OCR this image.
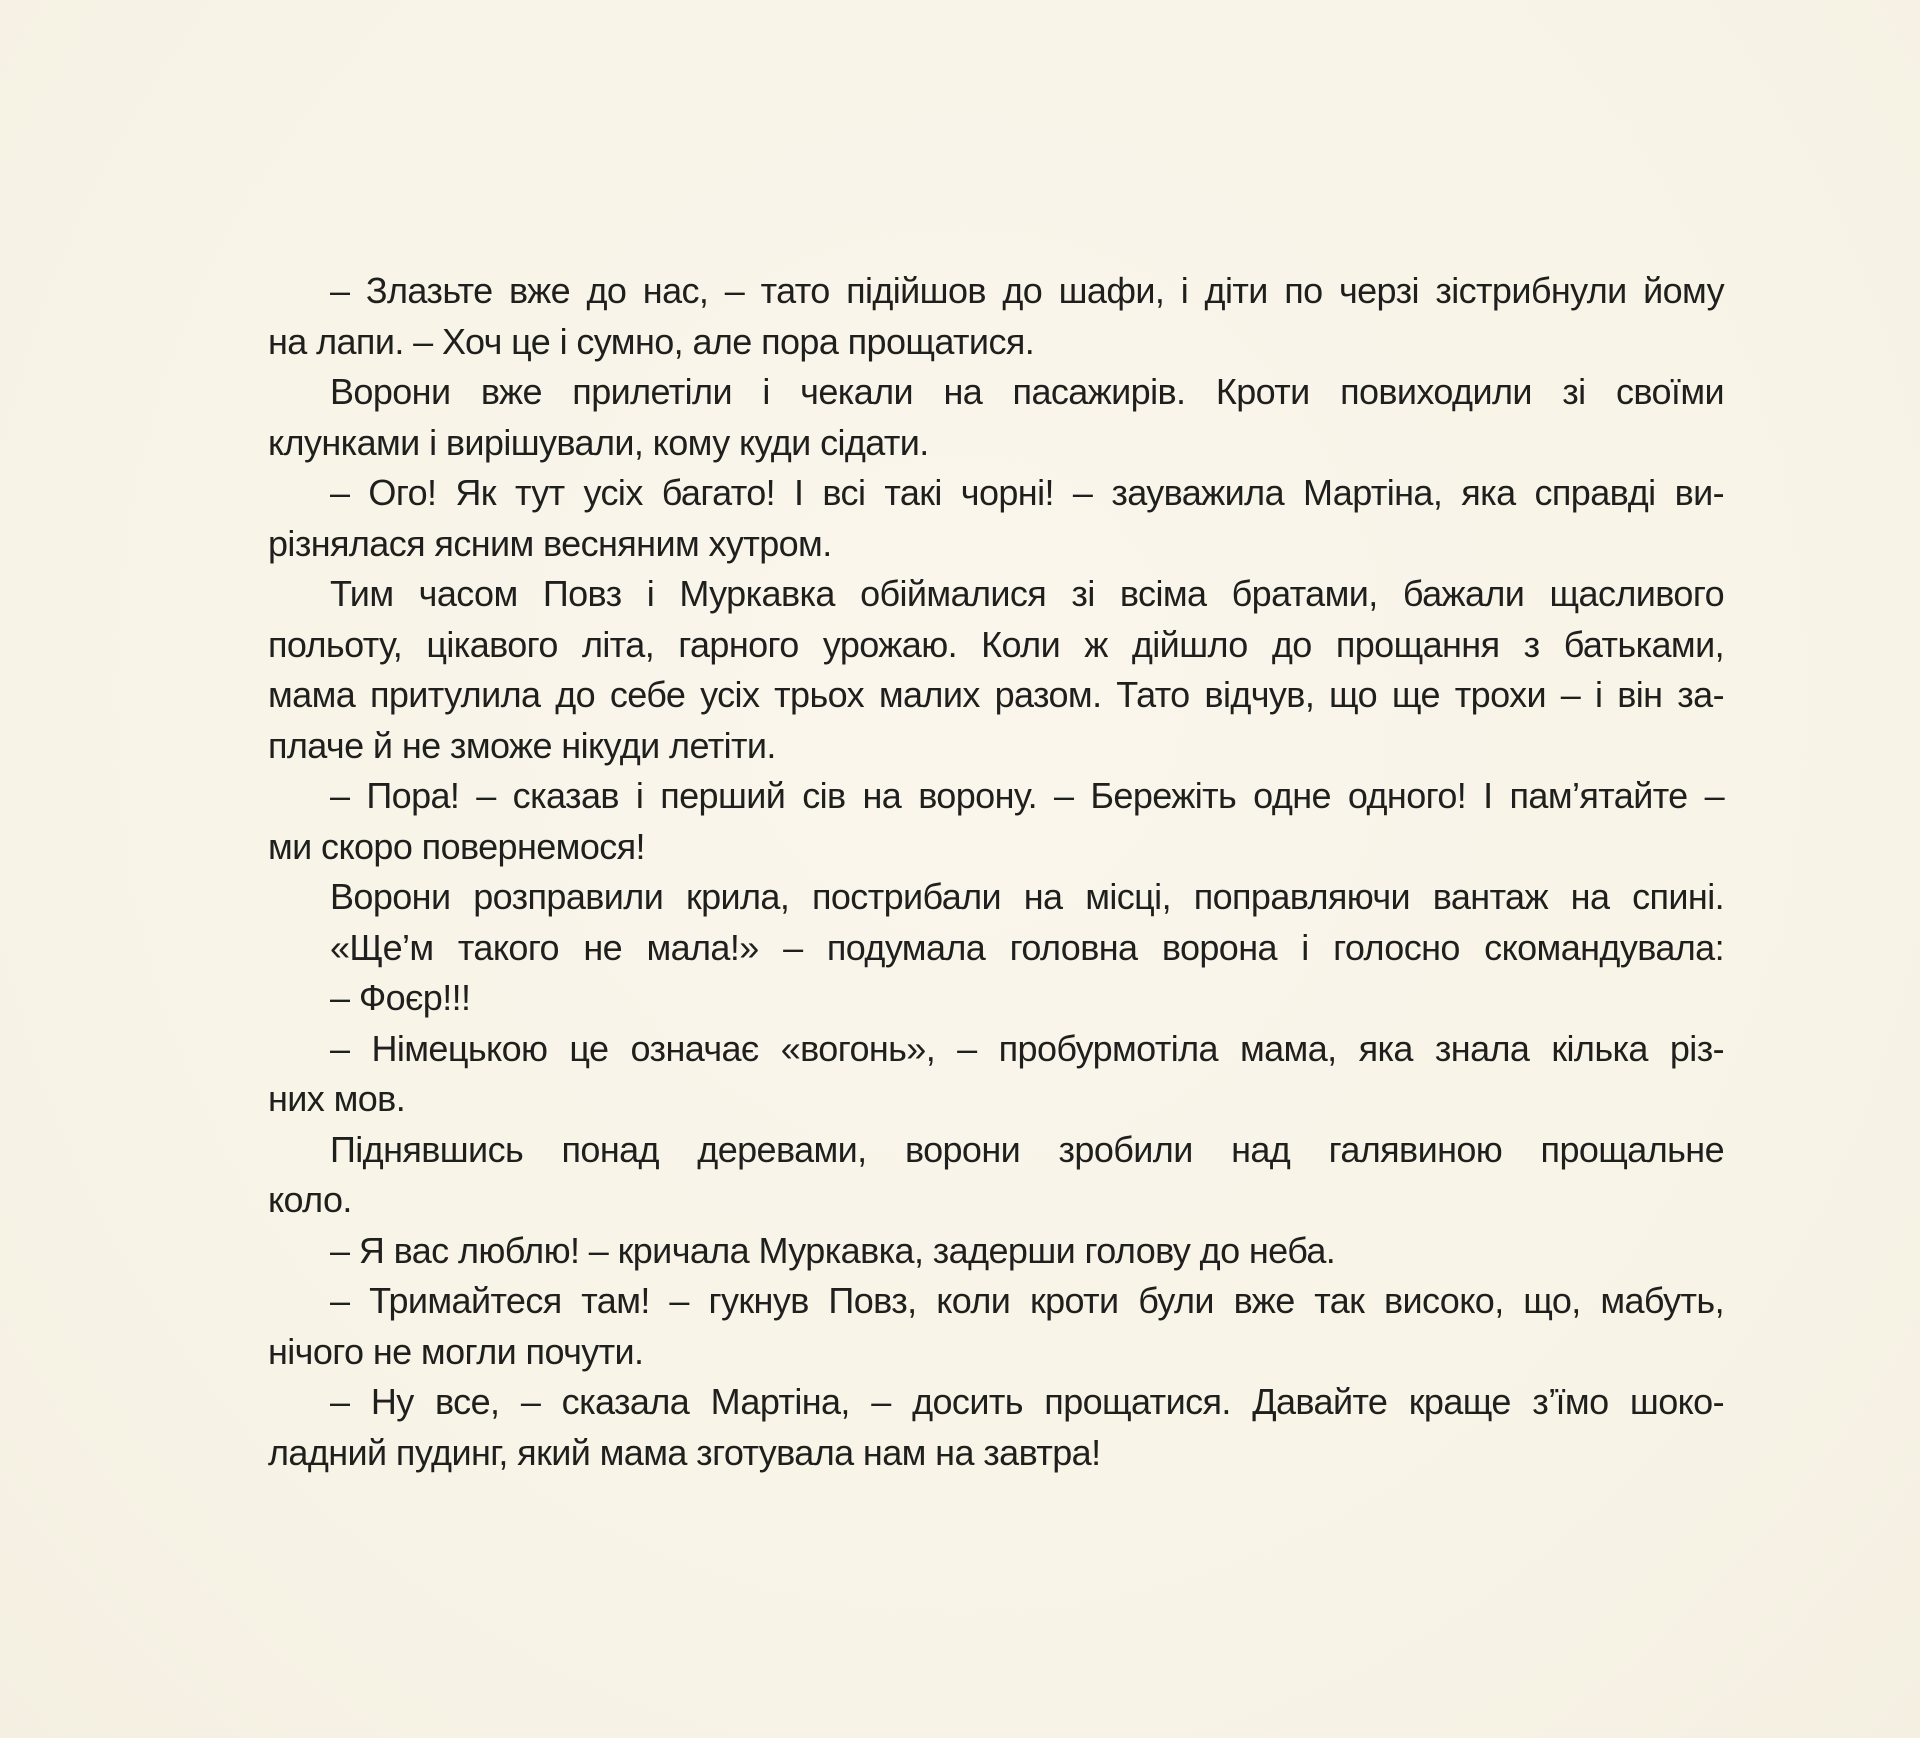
– Злазьте вже до нас, – тато підійшов до шафи, і діти по черзі зістрибнули йому
на лапи. – Хоч це і сумно, але пора прощатися.
Ворони вже прилетіли і чекали на пасажирів. Кроти повиходили зі своїми
клунками і вирішували, кому куди сідати.
– Ого! Як тут усіх багато! І всі такі чорні! – зауважила Мартіна, яка справді ви-
різнялася ясним весняним хутром.
Тим часом Повз і Муркавка обіймалися зі всіма братами, бажали щасливого
польоту, цікавого літа, гарного урожаю. Коли ж дійшло до прощання з батьками,
мама притулила до себе усіх трьох малих разом. Тато відчув, що ще трохи – і він за-
плаче й не зможе нікуди летіти.
– Пора! – сказав і перший сів на ворону. – Бережіть одне одного! І пам’ятайте –
ми скоро повернемося!
Ворони розправили крила, пострибали на місці, поправляючи вантаж на спині.
«Ще’м такого не мала!» – подумала головна ворона і голосно скомандувала:
– Фоєр!!!
– Німецькою це означає «вогонь», – пробурмотіла мама, яка знала кілька різ-
них мов.
Піднявшись понад деревами, ворони зробили над галявиною прощальне
коло.
– Я вас люблю! – кричала Муркавка, задерши голову до неба.
– Тримайтеся там! – гукнув Повз, коли кроти були вже так високо, що, мабуть,
нічого не могли почути.
– Ну все, – сказала Мартіна, – досить прощатися. Давайте краще з’їмо шоко-
ладний пудинг, який мама зготувала нам на завтра!
